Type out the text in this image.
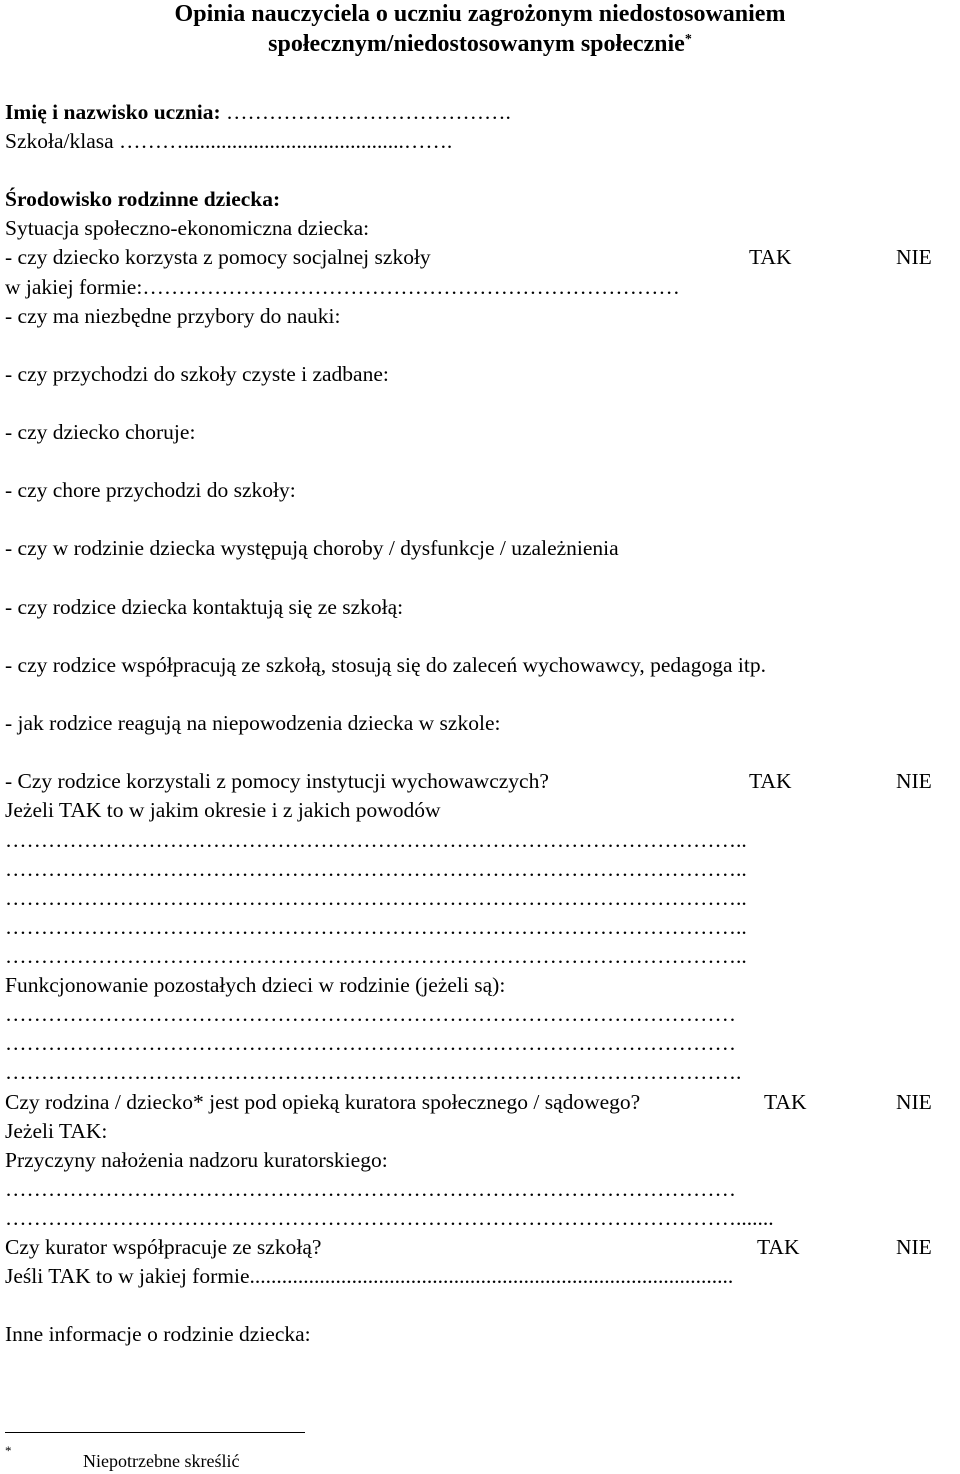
Opinia nauczyciela o uczniu zagrożonym niedostosowaniem
społecznym/niedostosowanym społecznie*
Imię i nazwisko ucznia: ………………………………….
Szkoła/klasa ……….........................................…….
Środowisko rodzinne dziecka:
Sytuacja społeczno-ekonomiczna dziecka:
- czy dziecko korzysta z pomocy socjalnej szkoły	TAK	NIE
w jakiej formie:…………………………………………………………………
- czy ma niezbędne przybory do nauki:
- czy przychodzi do szkoły czyste i zadbane:
- czy dziecko choruje:
- czy chore przychodzi do szkoły:
- czy w rodzinie dziecka występują choroby / dysfunkcje / uzależnienia
- czy rodzice dziecka kontaktują się ze szkołą:
- czy rodzice współpracują ze szkołą, stosują się do zaleceń wychowawcy, pedagoga itp.
- jak rodzice reagują na niepowodzenia dziecka w szkole:
- Czy rodzice korzystali z pomocy instytucji wychowawczych?	TAK	NIE
Jeżeli TAK to w jakim okresie i z jakich powodów
…………………………………………………………………………………………..
…………………………………………………………………………………………..
…………………………………………………………………………………………..
…………………………………………………………………………………………..
…………………………………………………………………………………………..
Funkcjonowanie pozostałych dzieci w rodzinie (jeżeli są):
…………………………………………………………………………………………
…………………………………………………………………………………………
………………………………………………………………………………………….
Czy rodzina / dziecko* jest pod opieką kuratora społecznego / sądowego?	TAK	NIE
Jeżeli TAK:
Przyczyny nałożenia nadzoru kuratorskiego:
…………………………………………………………………………………………
………………………………………………………………………………………….......
Czy kurator współpracuje ze szkołą?	TAK	NIE
Jeśli TAK to w jakiej formie..........................................................................................
Inne informacje o rodzinie dziecka:
*
Niepotrzebne skreślić
